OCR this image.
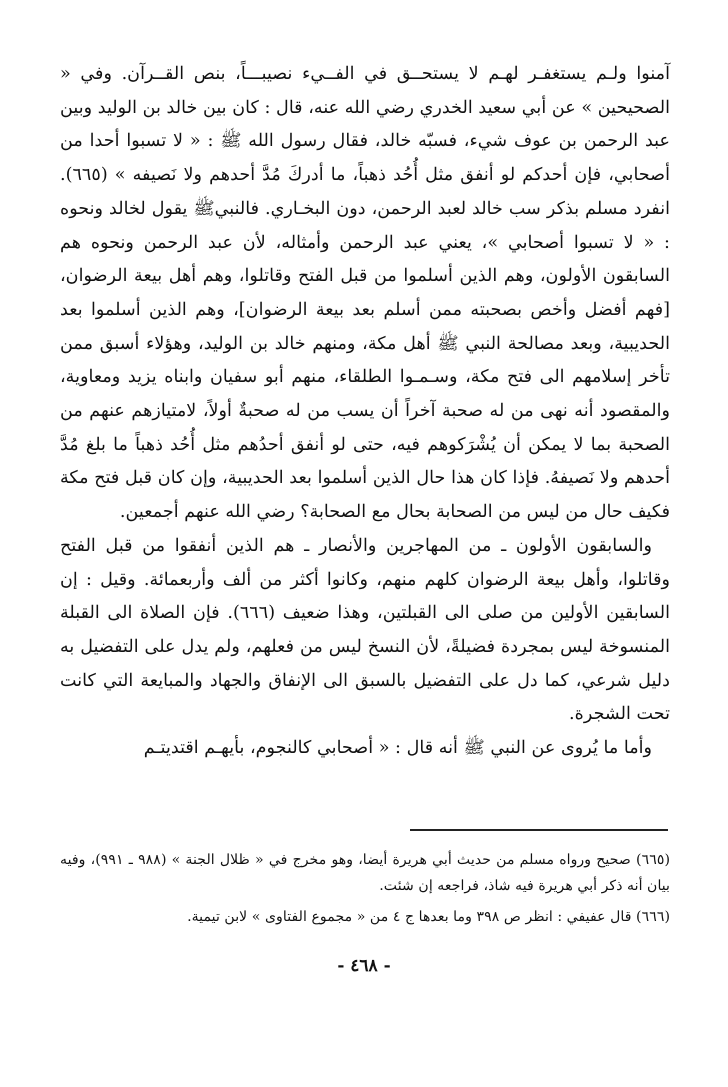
آمنوا ولـم يستغفـر لهـم لا يستحــق في الفــيء نصيبـــاً، بنص القــرآن. وفي « الصحيحين » عن أبي سعيد الخدري رضي الله عنه، قال : كان بين خالد بن الوليد وبين عبد الرحمن بن عوف شيء، فسبّه خالد، فقال رسول الله ﷺ : « لا تسبوا أحدا من أصحابي، فإن أحدكم لو أنفق مثل أُحُد ذهباً، ما أدركَ مُدَّ أحدهم ولا نَصيفه » (٦٦٥). انفرد مسلم بذكر سب خالد لعبد الرحمن، دون البخـاري. فالنبيﷺ يقول لخالد ونحوه : « لا تسبوا أصحابي »، يعني عبد الرحمن وأمثاله، لأن عبد الرحمن ونحوه هم السابقون الأولون، وهم الذين أسلموا من قبل الفتح وقاتلوا، وهم أهل بيعة الرضوان، [فهم أفضل وأخص بصحبته ممن أسلم بعد بيعة الرضوان]، وهم الذين أسلموا بعد الحديبية، وبعد مصالحة النبي ﷺ أهل مكة، ومنهم خالد بن الوليد، وهؤلاء أسبق ممن تأخر إسلامهم الى فتح مكة، وسـمـوا الطلقاء، منهم أبو سفيان وابناه يزيد ومعاوية، والمقصود أنه نهى من له صحبة آخراً أن يسب من له صحبةٌ أولاً، لامتيازهم عنهم من الصحبة بما لا يمكن أن يُشْرَكوهم فيه، حتى لو أنفق أحدُهم مثل أُحُد ذهباً ما بلغ مُدَّ أحدهم ولا نَصيفهُ. فإذا كان هذا حال الذين أسلموا بعد الحديبية، وإن كان قبل فتح مكة فكيف حال من ليس من الصحابة بحال مع الصحابة؟ رضي الله عنهم أجمعين.

والسابقون الأولون ـ من المهاجرين والأنصار ـ هم الذين أنفقوا من قبل الفتح وقاتلوا، وأهل بيعة الرضوان كلهم منهم، وكانوا أكثر من ألف وأربعمائة. وقيل : إن السابقين الأولين من صلى الى القبلتين، وهذا ضعيف (٦٦٦). فإن الصلاة الى القبلة المنسوخة ليس بمجردة فضيلةً، لأن النسخ ليس من فعلهم، ولم يدل على التفضيل به دليل شرعي، كما دل على التفضيل بالسبق الى الإنفاق والجهاد والمبايعة التي كانت تحت الشجرة.

وأما ما يُروى عن النبي ﷺ أنه قال : « أصحابي كالنجوم، بأيهـم اقتديتـم

(٦٦٥) صحيح ورواه مسلم من حديث أبي هريرة أيضا، وهو مخرج في « ظلال الجنة » (٩٨٨ ـ ٩٩١)، وفيه بيان أنه ذكر أبي هريرة فيه شاذ، فراجعه إن شئت.

(٦٦٦) قال عفيفي : انظر ص ٣٩٨ وما بعدها ج ٤ من « مجموع الفتاوى » لابن تيمية.

- ٤٦٨ -
